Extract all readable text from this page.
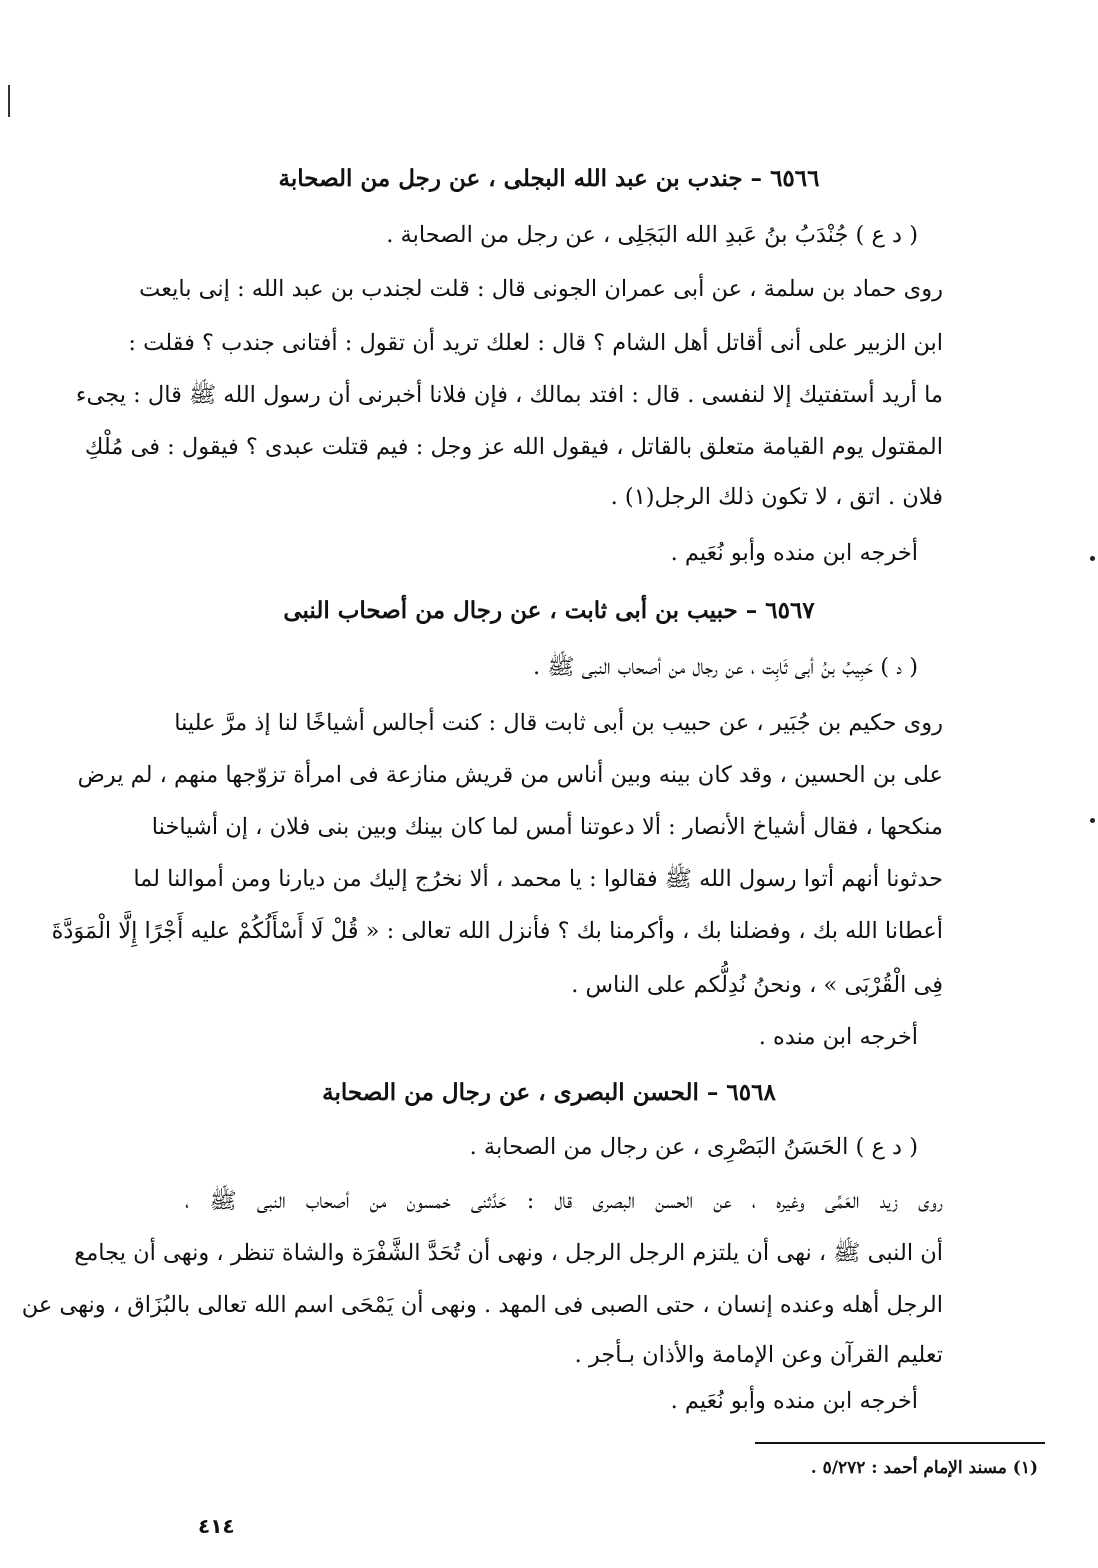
٦٥٦٦ – جندب بن عبد الله البجلى ، عن رجل من الصحابة
( د ع ) جُنْدَبُ بنُ عَبدِ الله البَجَلِى ، عن رجل من الصحابة .
روى حماد بن سلمة ، عن أبى عمران الجونى قال : قلت لجندب بن عبد الله : إنى بايعت
ابن الزبير على أنى أقاتل أهل الشام ؟ قال : لعلك تريد أن تقول : أفتانى جندب ؟ فقلت :
ما أريد أستفتيك إلا لنفسى . قال : افتد بمالك ، فإن فلانا أخبرنى أن رسول الله ﷺ قال : يجىء
المقتول يوم القيامة متعلق بالقاتل ، فيقول الله عز وجل : فيم قتلت عبدى ؟ فيقول : فى مُلْكِ
فلان . اتق ، لا تكون ذلك الرجل(١) .
أخرجه ابن منده وأبو نُعَيم .
٦٥٦٧ – حبيب بن أبى ثابت ، عن رجال من أصحاب النبى
( د ) حَبِيبُ بنُ أبى ثَابِت ، عن رجال من أصحاب النبى ﷺ .
روى حكيم بن جُبَير ، عن حبيب بن أبى ثابت قال : كنت أجالس أشياخًا لنا إذ مرَّ علينا
على بن الحسين ، وقد كان بينه وبين أناس من قريش منازعة فى امرأة تزوّجها منهم ، لم يرض
منكحها ، فقال أشياخ الأنصار : ألا دعوتنا أمس لما كان بينك وبين بنى فلان ، إن أشياخنا
حدثونا أنهم أتوا رسول الله ﷺ فقالوا : يا محمد ، ألا نخرُج إليك من ديارنا ومن أموالنا لما
أعطانا الله بك ، وفضلنا بك ، وأكرمنا بك ؟ فأنزل الله تعالى : « قُلْ لَا أَسْأَلُكُمْ عليه أَجْرًا إِلَّا الْمَوَدَّةَ
فِى الْقُرْبَى » ، ونحنُ نُدِلُّكم على الناس .
أخرجه ابن منده .
٦٥٦٨ – الحسن البصرى ، عن رجال من الصحابة
( د ع ) الحَسَنُ البَصْرِى ، عن رجال من الصحابة .
روى زيد العَمِّى وغيره ، عن الحسن البصرى قال : حَدَّثنى خمسون من أصحاب النبى ﷺ ،
أن النبى ﷺ ، نهى أن يلتزم الرجل الرجل ، ونهى أن تُحَدَّ الشَّفْرَة والشاة تنظر ، ونهى أن يجامع
الرجل أهله وعنده إنسان ، حتى الصبى فى المهد . ونهى أن يَمْحَى اسم الله تعالى بالبُزَاق ، ونهى عن
تعليم القرآن وعن الإمامة والأذان بـأجر .
أخرجه ابن منده وأبو نُعَيم .
(١) مسند الإمام أحمد : ٥/٢٧٢ .
٤١٤
